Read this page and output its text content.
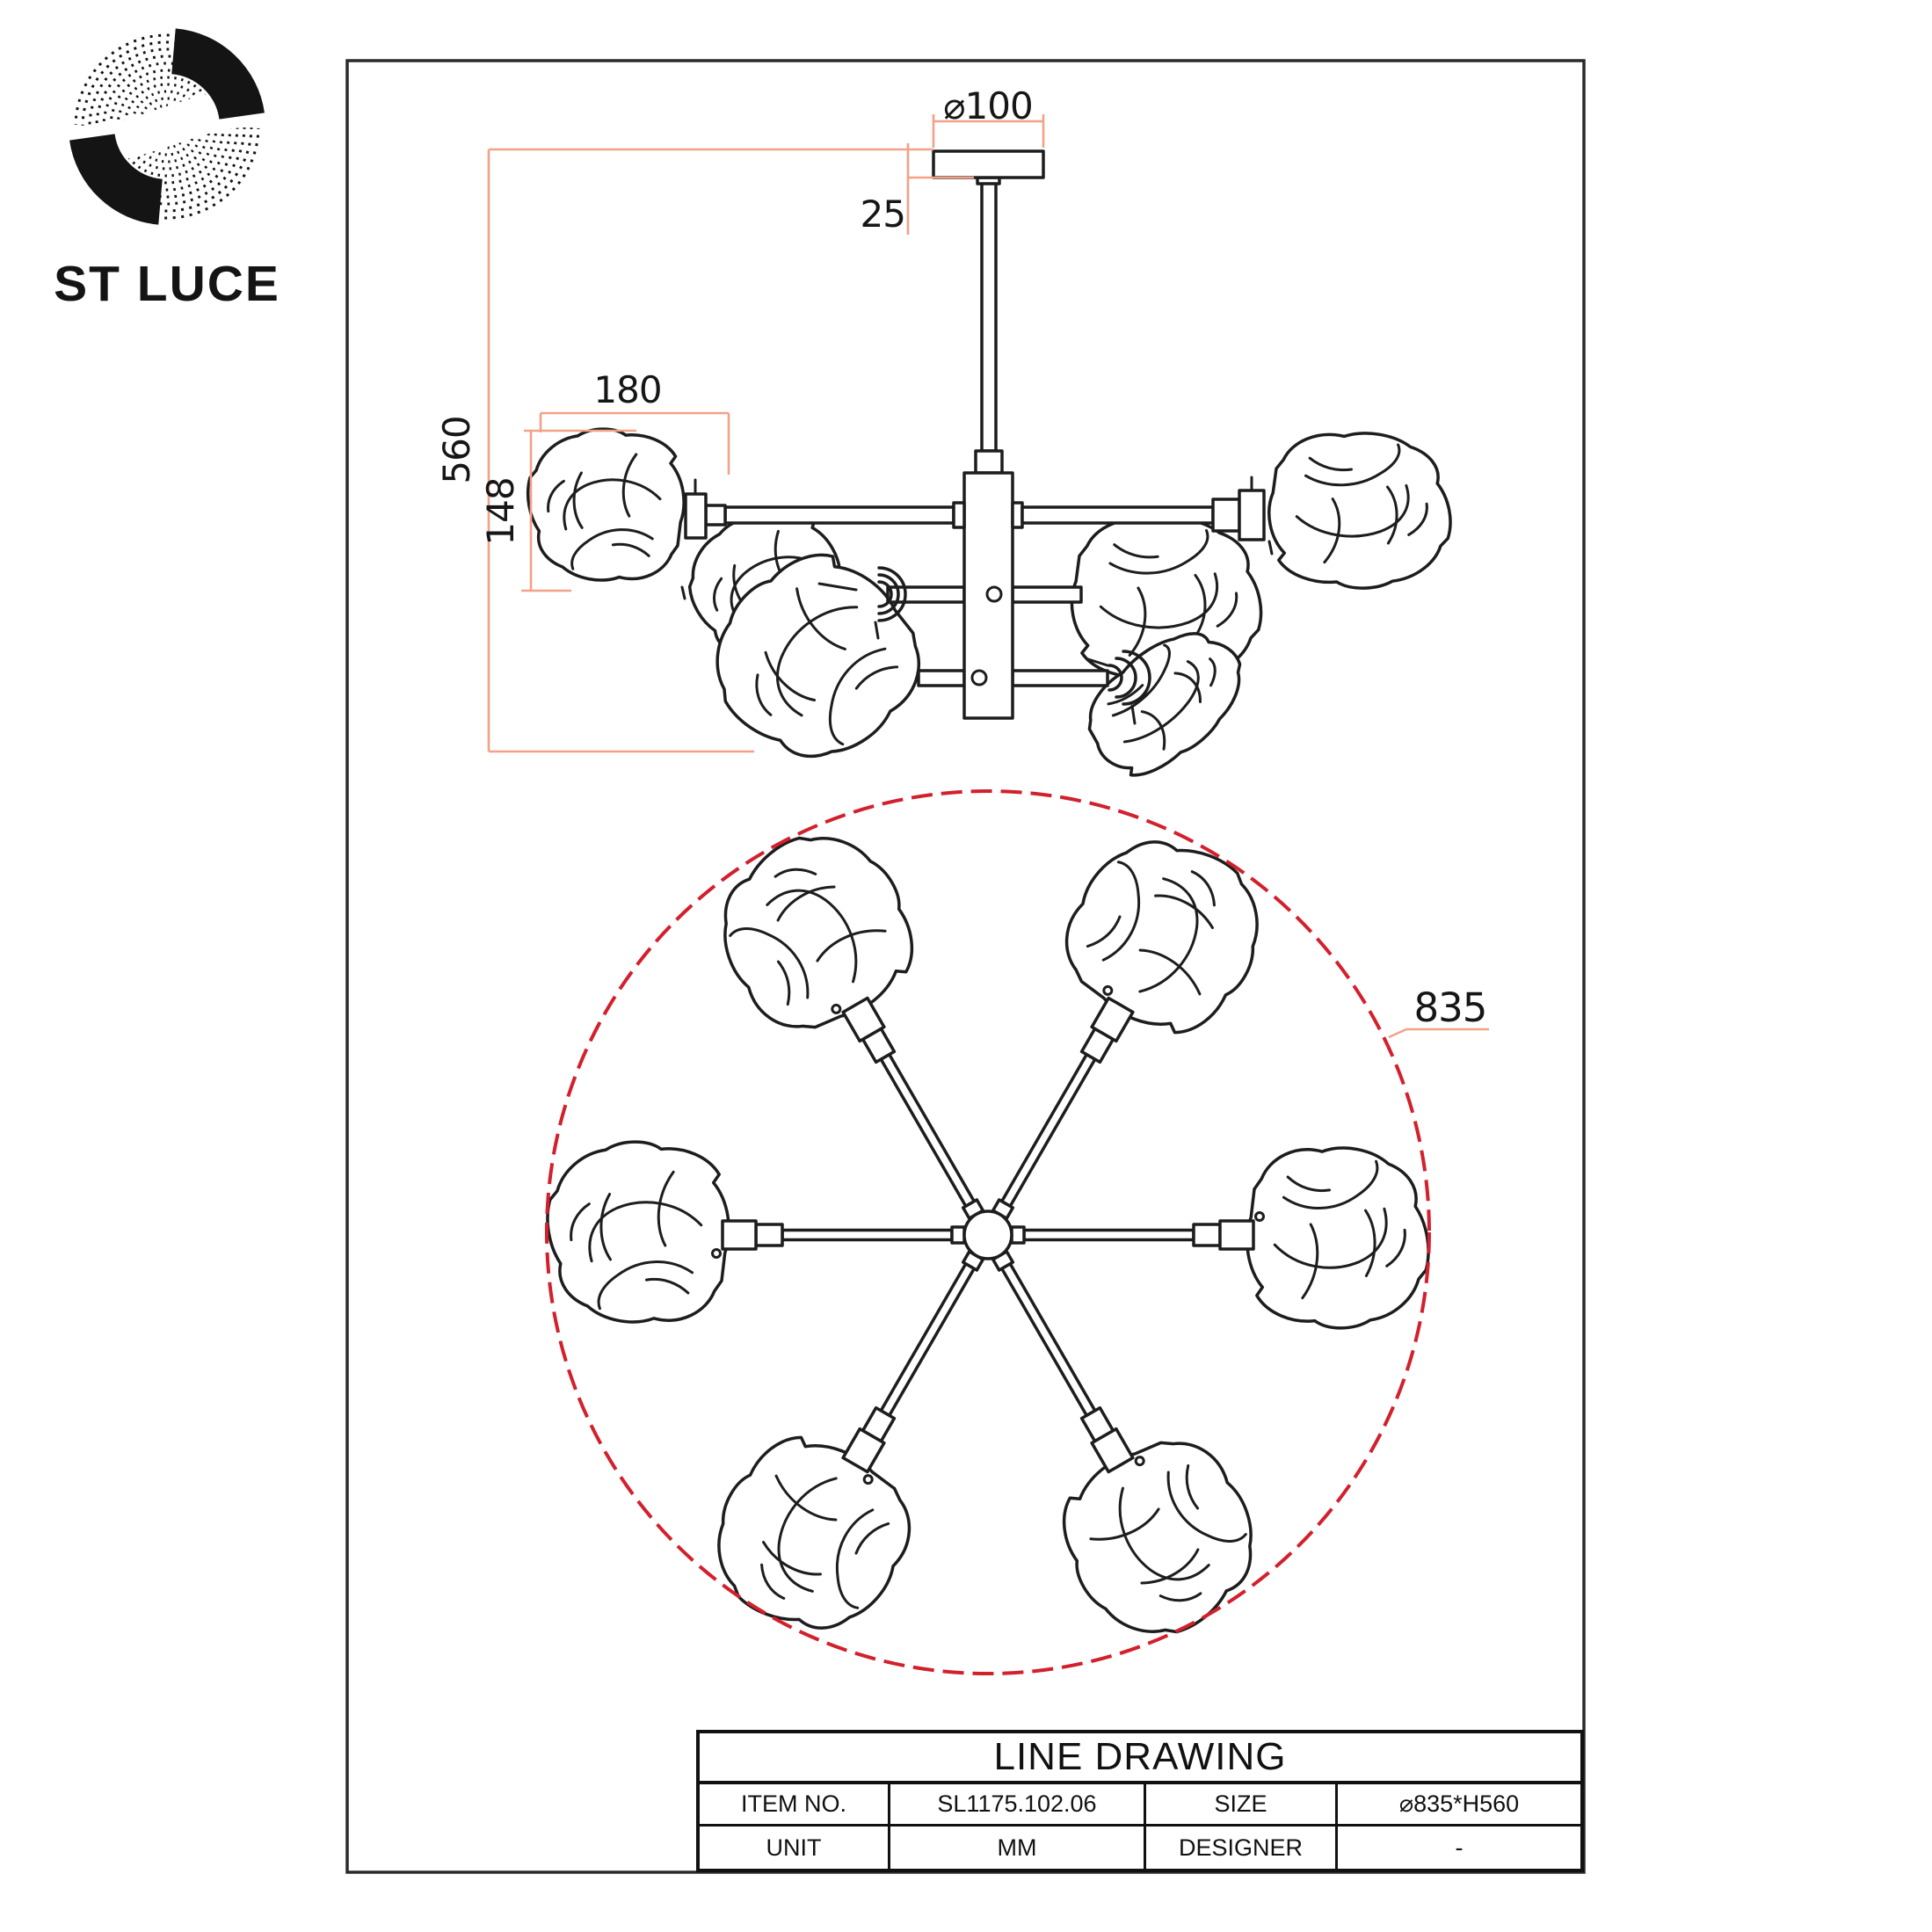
ST LUCE
⌀100
25
560
148
180
835
LINE DRAWING
ITEM NO.	SL1175.102.06	SIZE	⌀835*H560
UNIT	MM	DESIGNER	-
